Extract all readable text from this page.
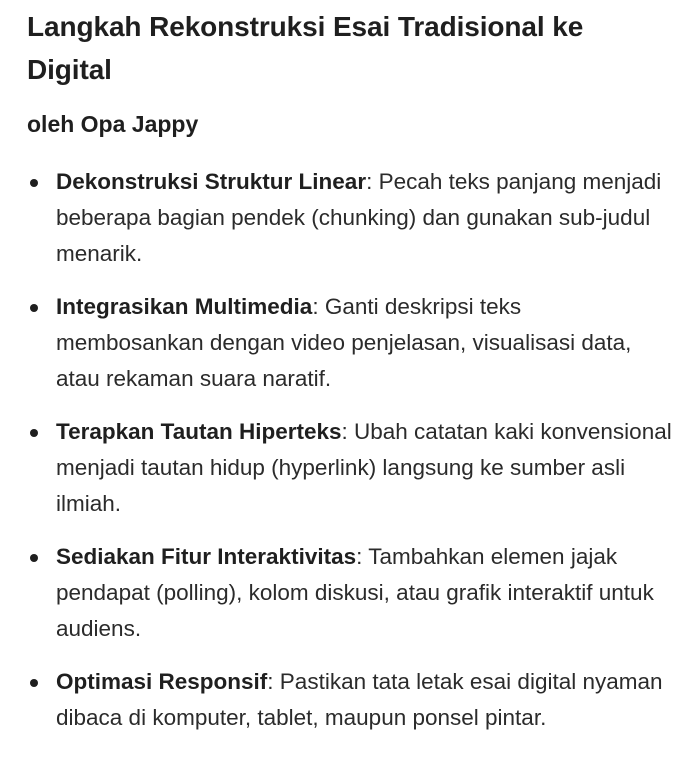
Langkah Rekonstruksi Esai Tradisional ke Digital
oleh Opa Jappy
Dekonstruksi Struktur Linear: Pecah teks panjang menjadi beberapa bagian pendek (chunking) dan gunakan sub-judul menarik.
Integrasikan Multimedia: Ganti deskripsi teks membosankan dengan video penjelasan, visualisasi data, atau rekaman suara naratif.
Terapkan Tautan Hiperteks: Ubah catatan kaki konvensional menjadi tautan hidup (hyperlink) langsung ke sumber asli ilmiah.
Sediakan Fitur Interaktivitas: Tambahkan elemen jajak pendapat (polling), kolom diskusi, atau grafik interaktif untuk audiens.
Optimasi Responsif: Pastikan tata letak esai digital nyaman dibaca di komputer, tablet, maupun ponsel pintar.
